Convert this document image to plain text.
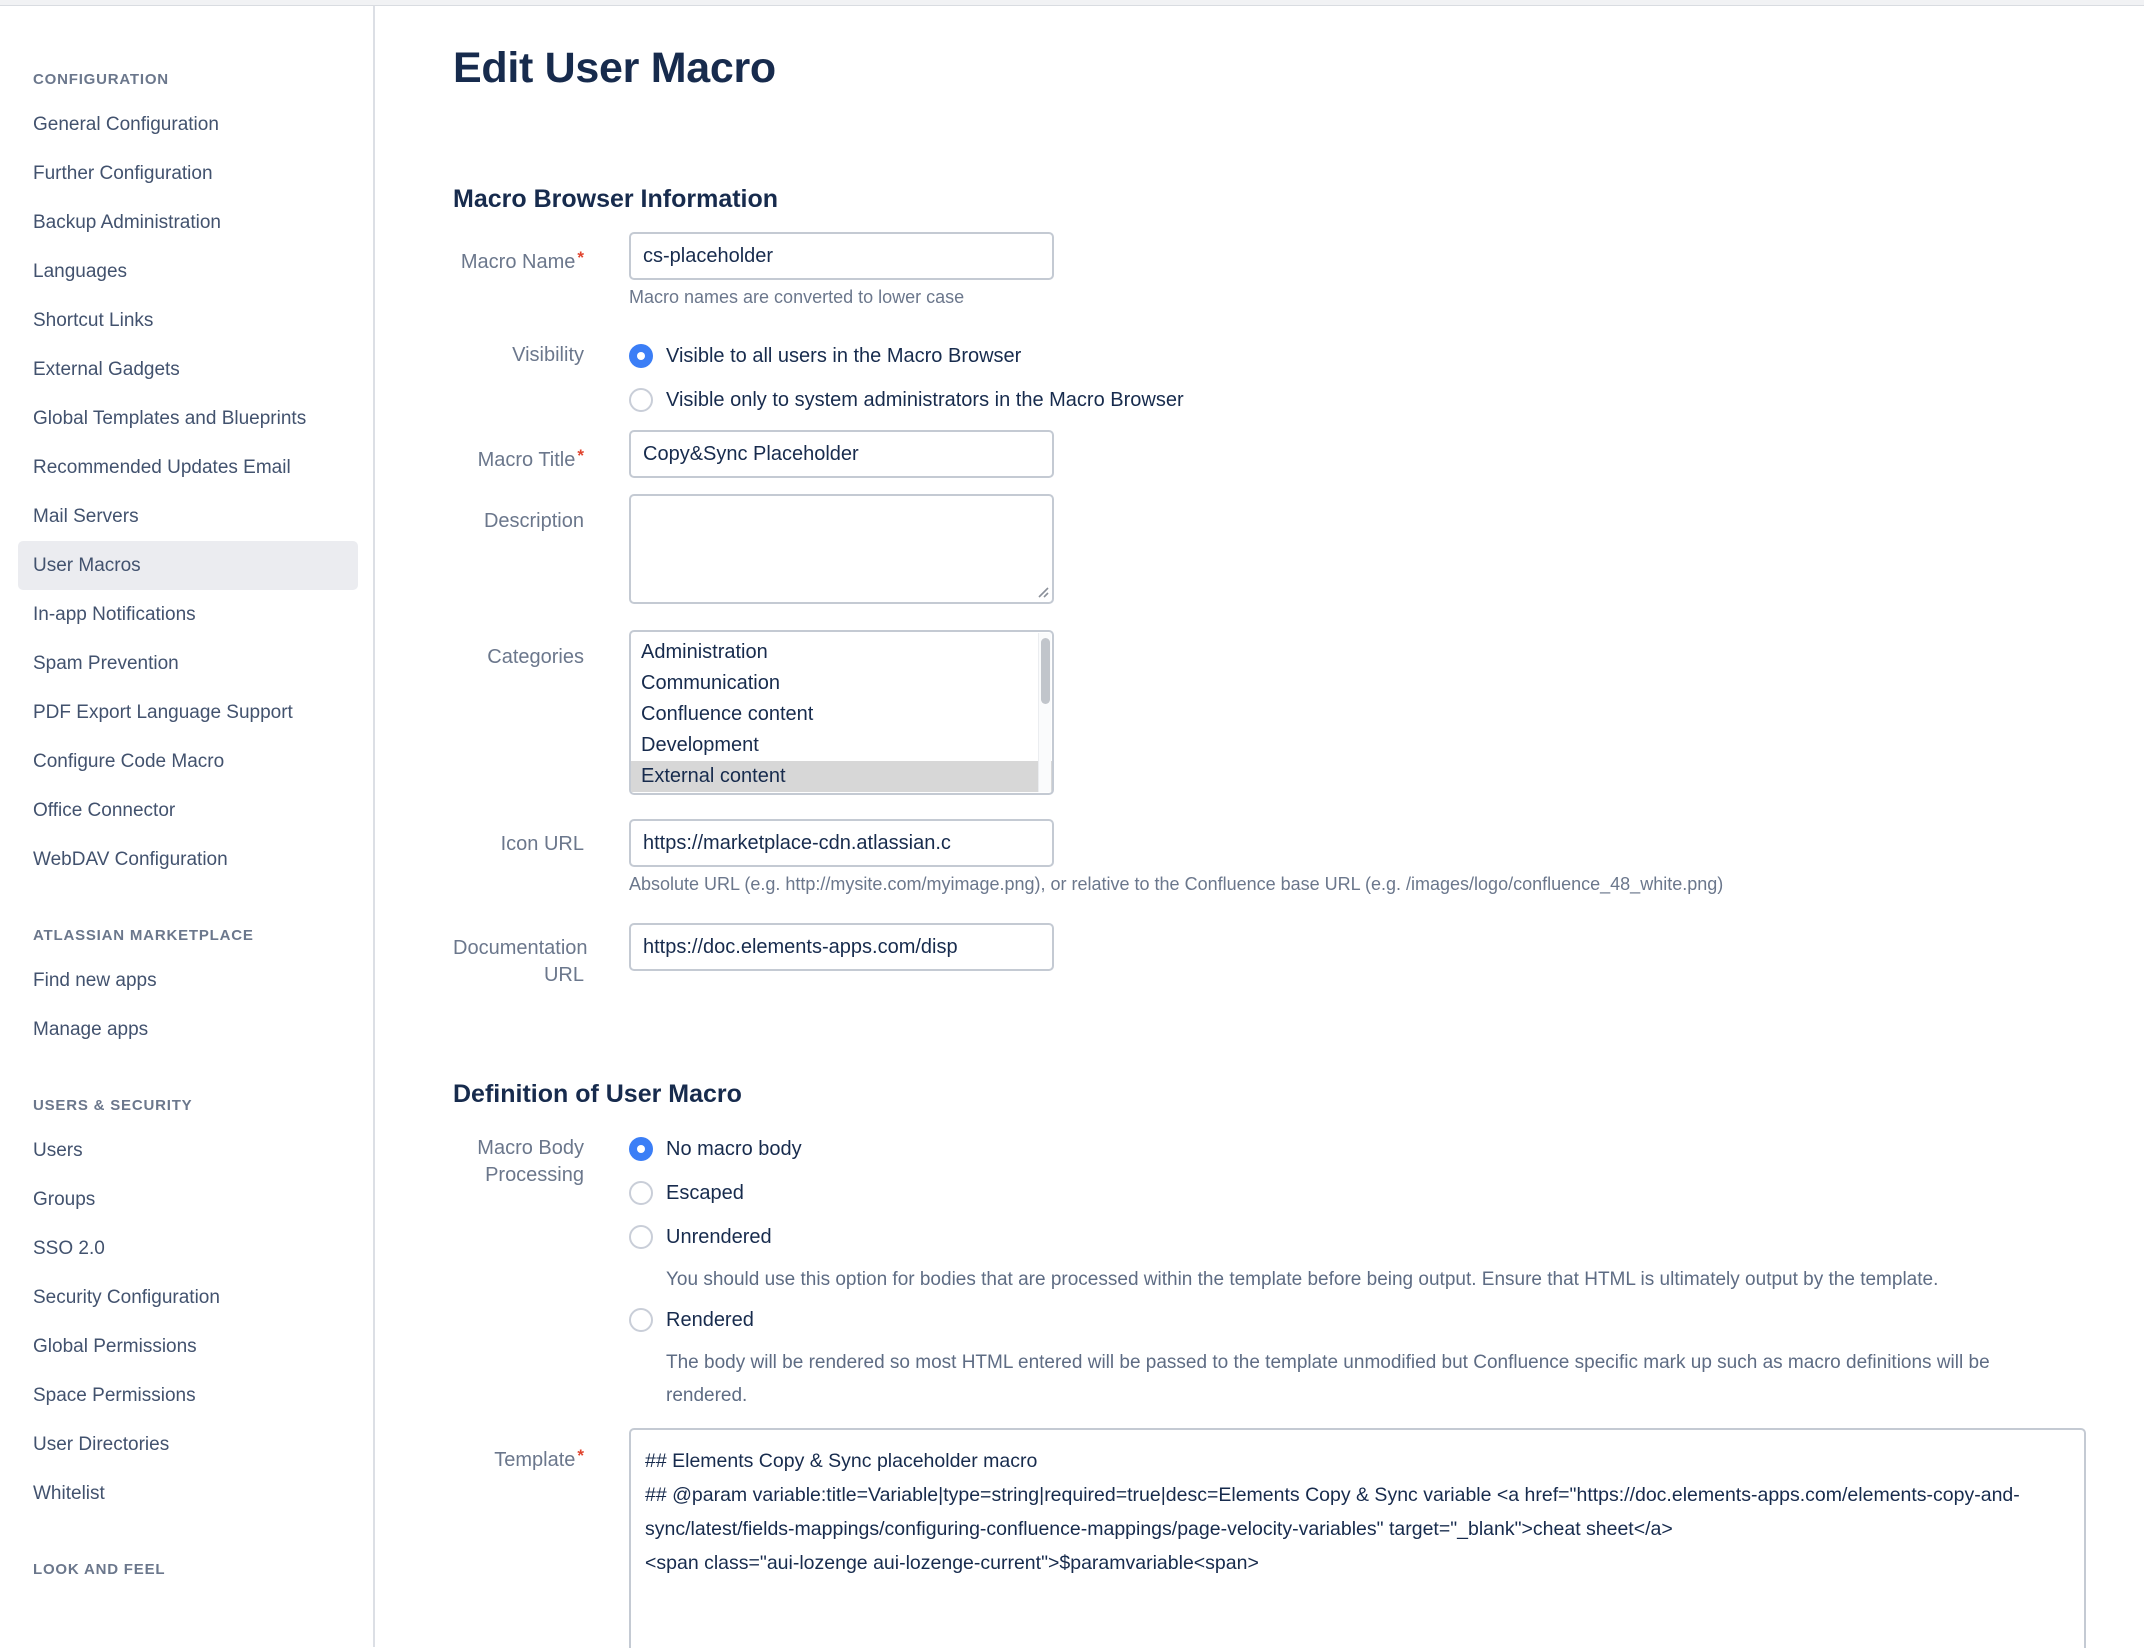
CONFIGURATION
General Configuration
Further Configuration
Backup Administration
Languages
Shortcut Links
External Gadgets
Global Templates and Blueprints
Recommended Updates Email
Mail Servers
User Macros
In-app Notifications
Spam Prevention
PDF Export Language Support
Configure Code Macro
Office Connector
WebDAV Configuration
ATLASSIAN MARKETPLACE
Find new apps
Manage apps
USERS & SECURITY
Users
Groups
SSO 2.0
Security Configuration
Global Permissions
Space Permissions
User Directories
Whitelist
LOOK AND FEEL
Edit User Macro
Macro Browser Information
Macro Name *
cs-placeholder
Macro names are converted to lower case
Visibility	Visible to all users in the Macro Browser
Visible only to system administrators in the Macro Browser
Macro Title *
Copy&Sync Placeholder
Description
Categories	Administration
Communication
Confluence content
Development
External content
Icon URL
https://marketplace-cdn.atlassian.c
Absolute URL (e.g. http://mysite.com/myimage.png), or relative to the Confluence base URL (e.g. /images/logo/confluence_48_white.png)
Documentation URL
https://doc.elements-apps.com/disp
Definition of User Macro
Macro Body Processing
No macro body
Escaped
Unrendered
You should use this option for bodies that are processed within the template before being output. Ensure that HTML is ultimately output by the template.
Rendered
The body will be rendered so most HTML entered will be passed to the template unmodified but Confluence specific mark up such as macro definitions will be rendered.
Template *
## Elements Copy & Sync placeholder macro ## @param variable:title=Variable|type=string|required=true|desc=Elements Copy & Sync variable <a href="https://doc.elements-apps.com/elements-copy-and-sync/latest/fields-mappings/configuring-confluence-mappings/page-velocity-variables" target="_blank">cheat sheet</a> <span class="aui-lozenge aui-lozenge-current">$paramvariable<span>
